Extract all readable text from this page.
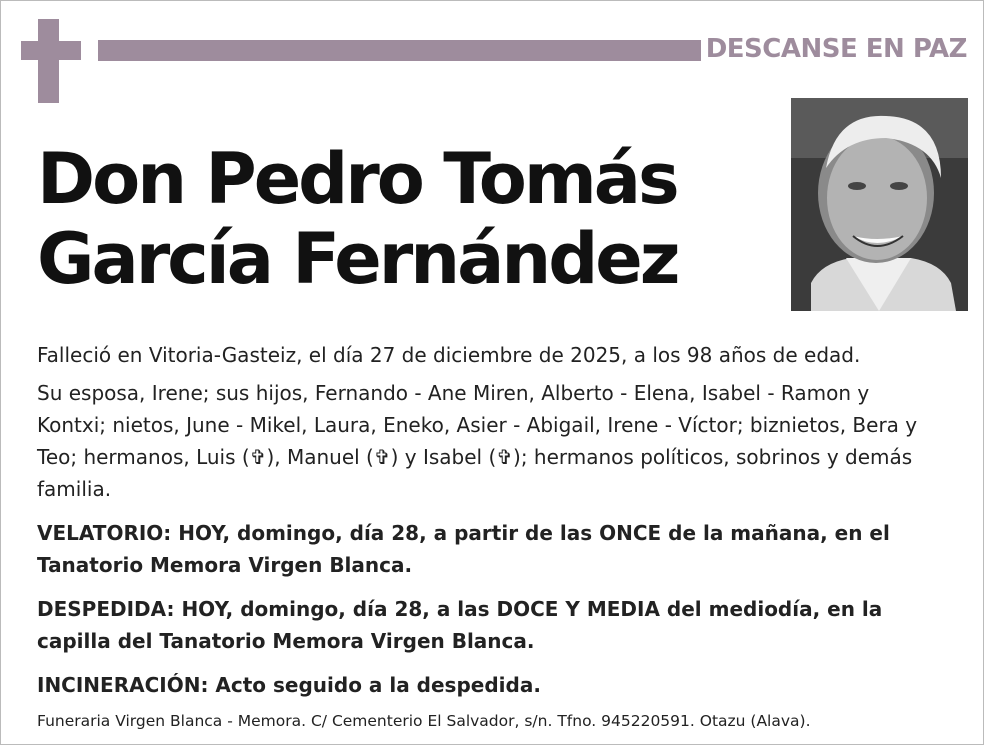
DESCANSE EN PAZ
Don Pedro Tomás
García Fernández

Falleció en Vitoria-Gasteiz, el día 27 de diciembre de 2025, a los 98 años de edad.

Su esposa, Irene; sus hijos, Fernando - Ane Miren, Alberto - Elena, Isabel - Ramon y Kontxi; nietos, June - Mikel, Laura, Eneko, Asier - Abigail, Irene - Víctor; biznietos, Bera y Teo; hermanos, Luis (✞), Manuel (✞) y Isabel (✞); hermanos políticos, sobrinos y demás familia.

VELATORIO: HOY, domingo, día 28, a partir de las ONCE de la mañana, en el Tanatorio Memora Virgen Blanca.

DESPEDIDA: HOY, domingo, día 28, a las DOCE Y MEDIA del mediodía, en la capilla del Tanatorio Memora Virgen Blanca.

INCINERACIÓN: Acto seguido a la despedida.

Funeraria Virgen Blanca - Memora. C/ Cementerio El Salvador, s/n. Tfno. 945220591. Otazu (Alava).
